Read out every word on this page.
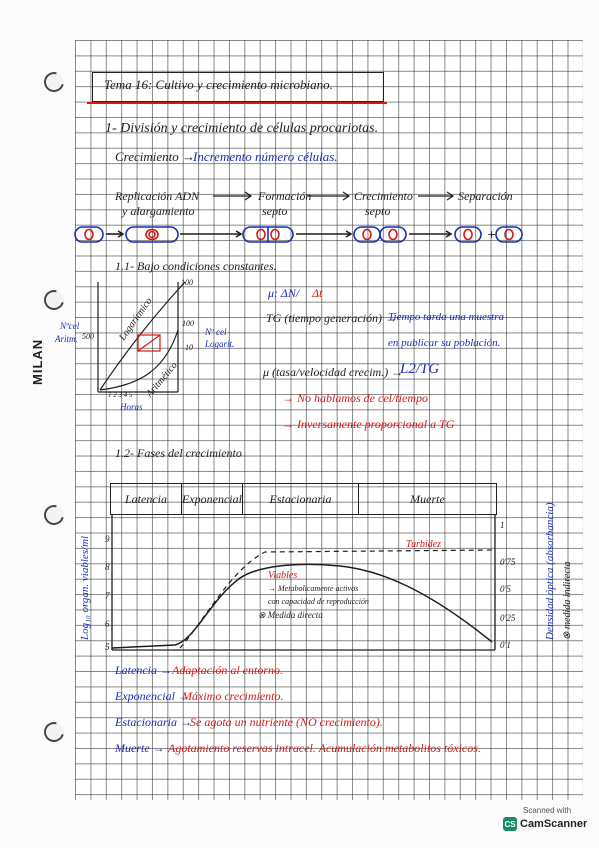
MILAN
Tema 16: Cultivo y crecimiento microbiano.
1- División y crecimiento de células procariotas.
Crecimiento →
Incremento número células.
Replicación ADN
y alargamiento
Formación
septo
Crecimiento
septo
Separación
1.1- Bajo condiciones constantes.
μ: ΔN/ Δt
TG (tiempo generación) →
Tiempo tarda una muestra
en publicar su población.
μ (tasa/velocidad crecim.) →
L2/TG
→ No hablamos de cel/tiempo
→ Inversamente proporcional a TG
Nºcel
Aritm.
Nº cel
Logarit.
Horas
Logarítmico
Aritmético
100
100
10
500
1 2 3 4 5
1.2- Fases del crecimiento
Latencia	Exponencial	Estacionaria	Muerte
Log₁₀ organ. viables/ml	Densidad óptica (absorbancia) ⊗ medida indirecta
9
8
7
6
5
1
0'75
0'5
0'25
0'1
Turbidez
Viables
→ Metabolicamente activos
con capacidad de reproducción
⊗ Medida directa
Latencia → Adaptación al entorno.
Exponencial →
Máximo crecimiento.
Estacionaria →
Se agota un nutriente (NO crecimiento).
Muerte → Agotamiento reservas intracel. Acumulación metabolitos tóxicos.
+
Scanned with
CS CamScanner
